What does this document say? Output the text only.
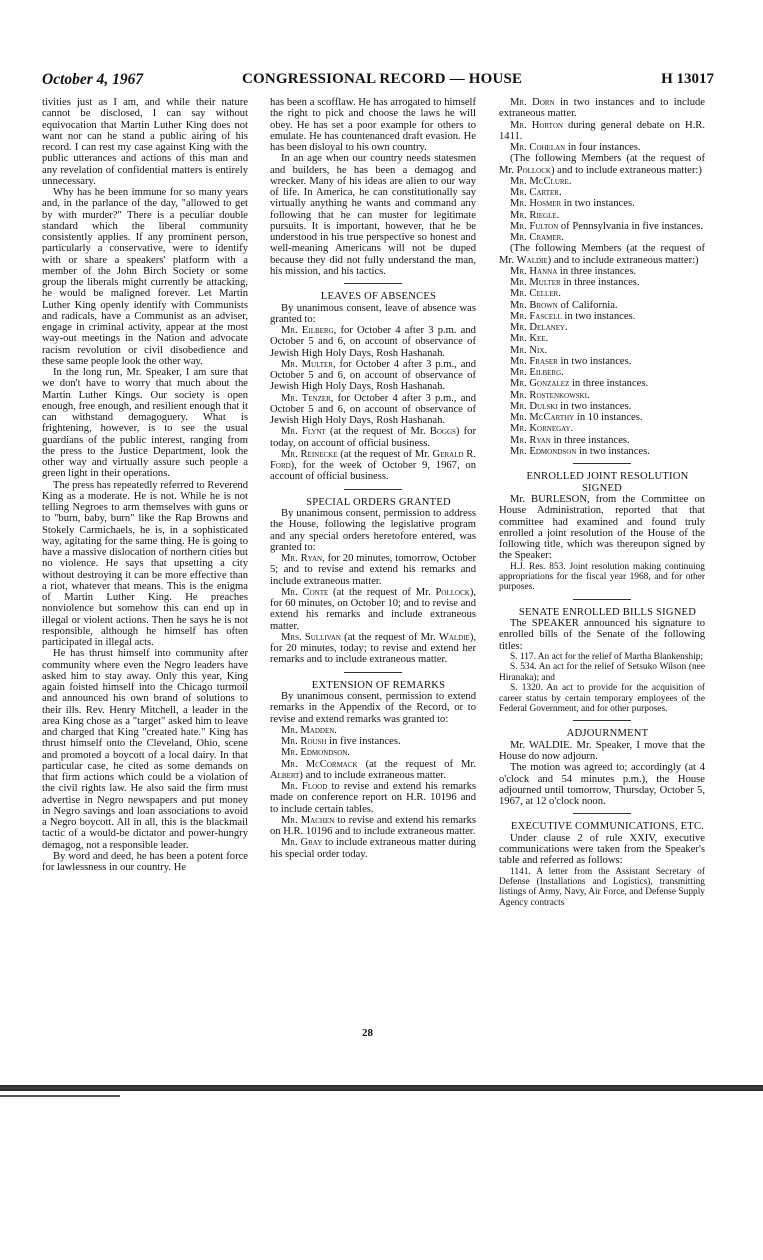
October 4, 1967	CONGRESSIONAL RECORD — HOUSE	H 13017

tivities just as I am, and while their nature cannot be disclosed, I can say without equivocation that Martin Luther King does not want nor can he stand a public airing of his record. I can rest my case against King with the public utterances and actions of this man and any revelation of confidential matters is entirely unnecessary.

Why has he been immune for so many years and, in the parlance of the day, "allowed to get by with murder?" There is a peculiar double standard which the liberal community consistently applies. If any prominent person, particularly a conservative, were to identify with or share a speakers' platform with a member of the John Birch Society or some group the liberals might currently be attacking, he would be maligned forever. Let Martin Luther King openly identify with Communists and radicals, have a Communist as an adviser, engage in criminal activity, appear at the most way-out meetings in the Nation and advocate racism revolution or civil disobedience and these same people look the other way.

In the long run, Mr. Speaker, I am sure that we don't have to worry that much about the Martin Luther Kings. Our society is open enough, free enough, and resilient enough that it can withstand demagoguery. What is frightening, however, is to see the usual guardians of the public interest, ranging from the press to the Justice Department, look the other way and virtually assure such people a green light in their operations.

The press has repeatedly referred to Reverend King as a moderate. He is not. While he is not telling Negroes to arm themselves with guns or to "burn, baby, burn" like the Rap Browns and Stokely Carmichaels, he is, in a sophisticated way, agitating for the same thing. He is going to have a massive dislocation of northern cities but no violence. He says that upsetting a city without destroying it can be more effective than a riot, whatever that means. This is the enigma of Martin Luther King. He preaches nonviolence but somehow this can end up in illegal or violent actions. Then he says he is not responsible, although he himself has often participated in illegal acts.

He has thrust himself into community after community where even the Negro leaders have asked him to stay away. Only this year, King again foisted himself into the Chicago turmoil and announced his own brand of solutions to their ills. Rev. Henry Mitchell, a leader in the area King chose as a "target" asked him to leave and charged that King "created hate." King has thrust himself onto the Cleveland, Ohio, scene and promoted a boycott of a local dairy. In that particular case, he cited as some demands on that firm actions which could be a violation of the civil rights law. He also said the firm must advertise in Negro newspapers and put money in Negro savings and loan associations to avoid a Negro boycott. All in all, this is the blackmail tactic of a would-be dictator and power-hungry demagog, not a responsible leader.

By word and deed, he has been a potent force for lawlessness in our country. He

has been a scofflaw. He has arrogated to himself the right to pick and choose the laws he will obey. He has set a poor example for others to emulate. He has countenanced draft evasion. He has been disloyal to his own country.

In an age when our country needs statesmen and builders, he has been a demagog and wrecker. Many of his ideas are alien to our way of life. In America, he can constitutionally say virtually anything he wants and command any following that he can muster for legitimate pursuits. It is important, however, that he be understood in his true perspective so honest and well-meaning Americans will not be duped because they did not fully understand the man, his mission, and his tactics.

LEAVES OF ABSENCES

By unanimous consent, leave of absence was granted to:

Mr. Eilberg, for October 4 after 3 p.m. and October 5 and 6, on account of observance of Jewish High Holy Days, Rosh Hashanah.

Mr. Multer, for October 4 after 3 p.m., and October 5 and 6, on account of observance of Jewish High Holy Days, Rosh Hashanah.

Mr. Tenzer, for October 4 after 3 p.m., and October 5 and 6, on account of observance of Jewish High Holy Days, Rosh Hashanah.

Mr. Flynt (at the request of Mr. Boggs) for today, on account of official business.

Mr. Reinecke (at the request of Mr. Gerald R. Ford), for the week of October 9, 1967, on account of official business.

SPECIAL ORDERS GRANTED

By unanimous consent, permission to address the House, following the legislative program and any special orders heretofore entered, was granted to:

Mr. Ryan, for 20 minutes, tomorrow, October 5; and to revise and extend his remarks and include extraneous matter.

Mr. Conte (at the request of Mr. Pollock), for 60 minutes, on October 10; and to revise and extend his remarks and include extraneous matter.

Mrs. Sullivan (at the request of Mr. Waldie), for 20 minutes, today; to revise and extend her remarks and to include extraneous matter.

EXTENSION OF REMARKS

By unanimous consent, permission to extend remarks in the Appendix of the Record, or to revise and extend remarks was granted to:

Mr. Madden.

Mr. Roush in five instances.

Mr. Edmondson.

Mr. McCormack (at the request of Mr. Albert) and to include extraneous matter.

Mr. Flood to revise and extend his remarks made on conference report on H.R. 10196 and to include certain tables.

Mr. Machen to revise and extend his remarks on H.R. 10196 and to include extraneous matter.

Mr. Gray to include extraneous matter during his special order today.

Mr. Dorn in two instances and to include extraneous matter.

Mr. Horton during general debate on H.R. 1411.

Mr. Cohelan in four instances.

(The following Members (at the request of Mr. Pollock) and to include extraneous matter:)

Mr. McClure.

Mr. Carter.

Mr. Hosmer in two instances.

Mr. Riegle.

Mr. Fulton of Pennsylvania in five instances.

Mr. Cramer.

(The following Members (at the request of Mr. Waldie) and to include extraneous matter:)

Mr. Hanna in three instances.

Mr. Multer in three instances.

Mr. Celler.

Mr. Brown of California.

Mr. Fascell in two instances.

Mr. Delaney.

Mr. Kee.

Mr. Nix.

Mr. Fraser in two instances.

Mr. Eilberg.

Mr. Gonzalez in three instances.

Mr. Rostenkowski.

Mr. Dulski in two instances.

Mr. McCarthy in 10 instances.

Mr. Kornegay.

Mr. Ryan in three instances.

Mr. Edmondson in two instances.

ENROLLED JOINT RESOLUTION SIGNED

Mr. BURLESON, from the Committee on House Administration, reported that that committee had examined and found truly enrolled a joint resolution of the House of the following title, which was thereupon signed by the Speaker:

H.J. Res. 853. Joint resolution making continuing appropriations for the fiscal year 1968, and for other purposes.

SENATE ENROLLED BILLS SIGNED

The SPEAKER announced his signature to enrolled bills of the Senate of the following titles:

S. 117. An act for the relief of Martha Blankenship;

S. 534. An act for the relief of Setsuko Wilson (nee Hiranaka); and

S. 1320. An act to provide for the acquisition of career status by certain temporary employees of the Federal Government, and for other purposes.

ADJOURNMENT

Mr. WALDIE. Mr. Speaker, I move that the House do now adjourn.

The motion was agreed to; accordingly (at 4 o'clock and 54 minutes p.m.), the House adjourned until tomorrow, Thursday, October 5, 1967, at 12 o'clock noon.

EXECUTIVE COMMUNICATIONS, ETC.

Under clause 2 of rule XXIV, executive communications were taken from the Speaker's table and referred as follows:

1141. A letter from the Assistant Secretary of Defense (Installations and Logistics), transmitting listings of Army, Navy, Air Force, and Defense Supply Agency contracts

28
